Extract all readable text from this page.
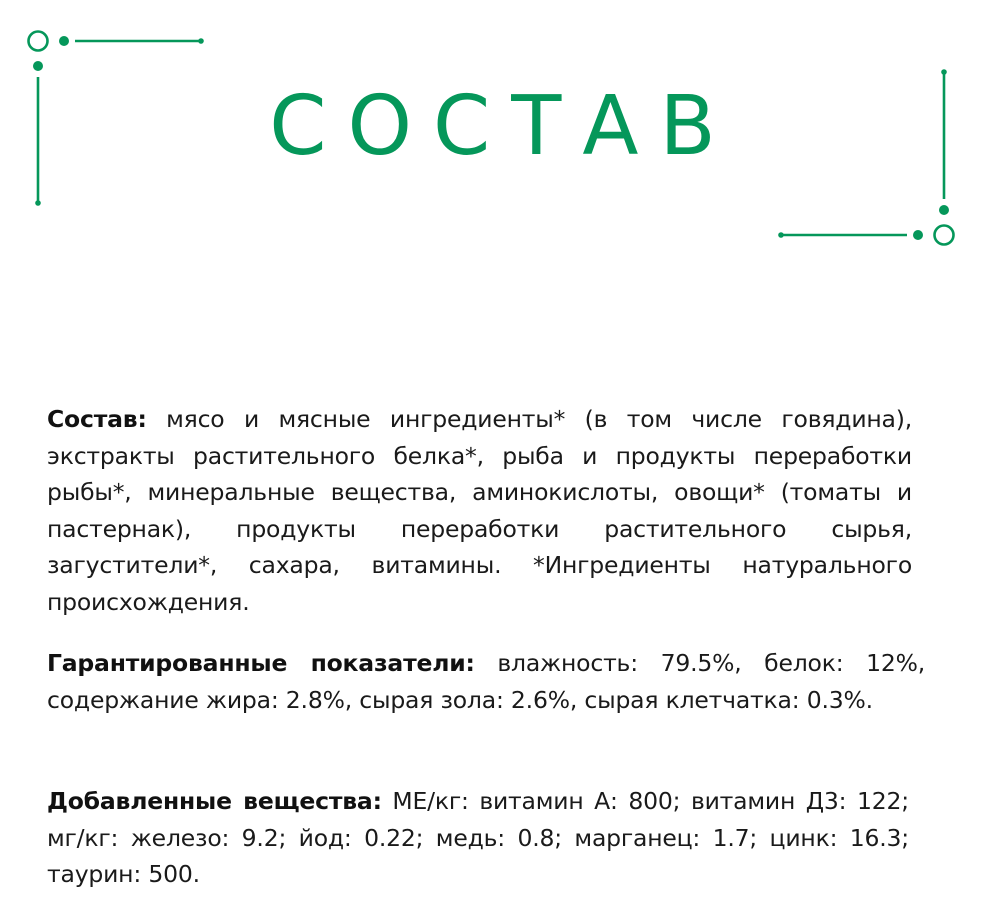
СОСТАВ

Состав: мясо и мясные ингредиенты* (в том числе говядина), экстракты растительного белка*, рыба и продукты переработки рыбы*, минеральные вещества, аминокислоты, овощи* (томаты и пастернак), продукты переработки растительного сырья, загустители*, сахара, витамины. *Ингредиенты натурального происхождения.

Гарантированные показатели: влажность: 79.5%, белок: 12%, содержание жира: 2.8%, сырая зола: 2.6%, сырая клетчатка: 0.3%.

Добавленные вещества: МЕ/кг: витамин А: 800; витамин Д3: 122; мг/кг: железо: 9.2; йод: 0.22; медь: 0.8; марганец: 1.7; цинк: 16.3; таурин: 500.
